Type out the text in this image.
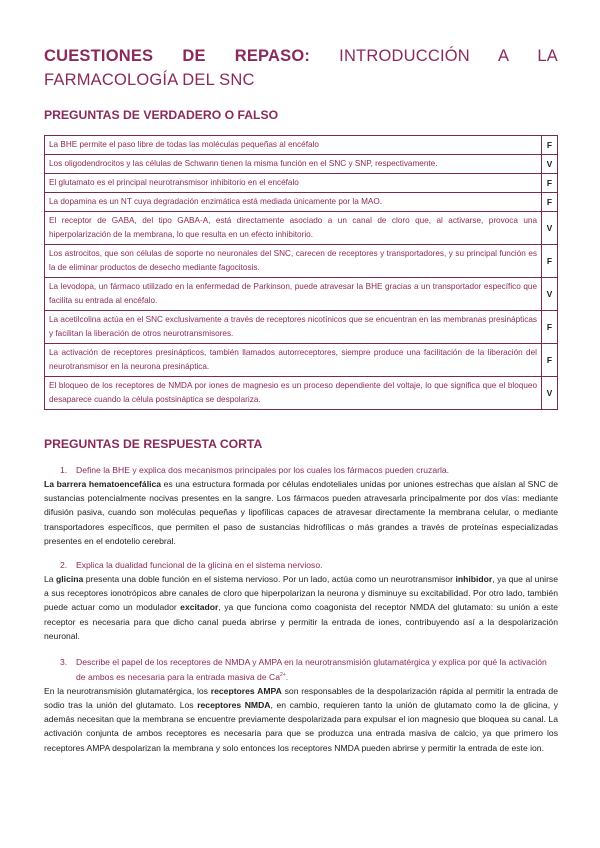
CUESTIONES DE REPASO: INTRODUCCIÓN A LA FARMACOLOGÍA DEL SNC
PREGUNTAS DE VERDADERO O FALSO
La BHE permite el paso libre de todas las moléculas pequeñas al encéfalo	F
Los oligodendrocitos y las células de Schwann tienen la misma función en el SNC y SNP, respectivamente.	V
El glutamato es el principal neurotransmisor inhibitorio en el encéfalo	F
La dopamina es un NT cuya degradación enzimática está mediada únicamente por la MAO.	F
El receptor de GABA, del tipo GABA-A, está directamente asociado a un canal de cloro que, al activarse, provoca una hiperpolarización de la membrana, lo que resulta en un efecto inhibitorio.	V
Los astrocitos, que son células de soporte no neuronales del SNC, carecen de receptores y transportadores, y su principal función es la de eliminar productos de desecho mediante fagocitosis.	F
La levodopa, un fármaco utilizado en la enfermedad de Parkinson, puede atravesar la BHE gracias a un transportador específico que facilita su entrada al encéfalo.	V
La acetilcolina actúa en el SNC exclusivamente a través de receptores nicotínicos que se encuentran en las membranas presinápticas y facilitan la liberación de otros neurotransmisores.	F
La activación de receptores presinápticos, también llamados autorreceptores, siempre produce una facilitación de la liberación del neurotransmisor en la neurona presináptica.	F
El bloqueo de los receptores de NMDA por iones de magnesio es un proceso dependiente del voltaje, lo que significa que el bloqueo desaparece cuando la célula postsináptica se despolariza.	V
PREGUNTAS DE RESPUESTA CORTA

1. Define la BHE y explica dos mecanismos principales por los cuales los fármacos pueden cruzarla.

La barrera hematoencefálica es una estructura formada por células endoteliales unidas por uniones estrechas que aíslan al SNC de sustancias potencialmente nocivas presentes en la sangre. Los fármacos pueden atravesarla principalmente por dos vías: mediante difusión pasiva, cuando son moléculas pequeñas y lipofílicas capaces de atravesar directamente la membrana celular, o mediante transportadores específicos, que permiten el paso de sustancias hidrofílicas o más grandes a través de proteínas especializadas presentes en el endotelio cerebral.

2. Explica la dualidad funcional de la glicina en el sistema nervioso.

La glicina presenta una doble función en el sistema nervioso. Por un lado, actúa como un neurotransmisor inhibidor, ya que al unirse a sus receptores ionotrópicos abre canales de cloro que hiperpolarizan la neurona y disminuye su excitabilidad. Por otro lado, también puede actuar como un modulador excitador, ya que funciona como coagonista del receptor NMDA del glutamato: su unión a este receptor es necesaria para que dicho canal pueda abrirse y permitir la entrada de iones, contribuyendo así a la despolarización neuronal.

3. Describe el papel de los receptores de NMDA y AMPA en la neurotransmisión glutamatérgica y explica por qué la activación de ambos es necesaria para la entrada masiva de $Ca^{2+}$.

En la neurotransmisión glutamatérgica, los receptores AMPA son responsables de la despolarización rápida al permitir la entrada de sodio tras la unión del glutamato. Los receptores NMDA, en cambio, requieren tanto la unión de glutamato como la de glicina, y además necesitan que la membrana se encuentre previamente despolarizada para expulsar el ion magnesio que bloquea su canal. La activación conjunta de ambos receptores es necesaria para que se produzca una entrada masiva de calcio, ya que primero los receptores AMPA despolarizan la membrana y solo entonces los receptores NMDA pueden abrirse y permitir la entrada de este ion.
